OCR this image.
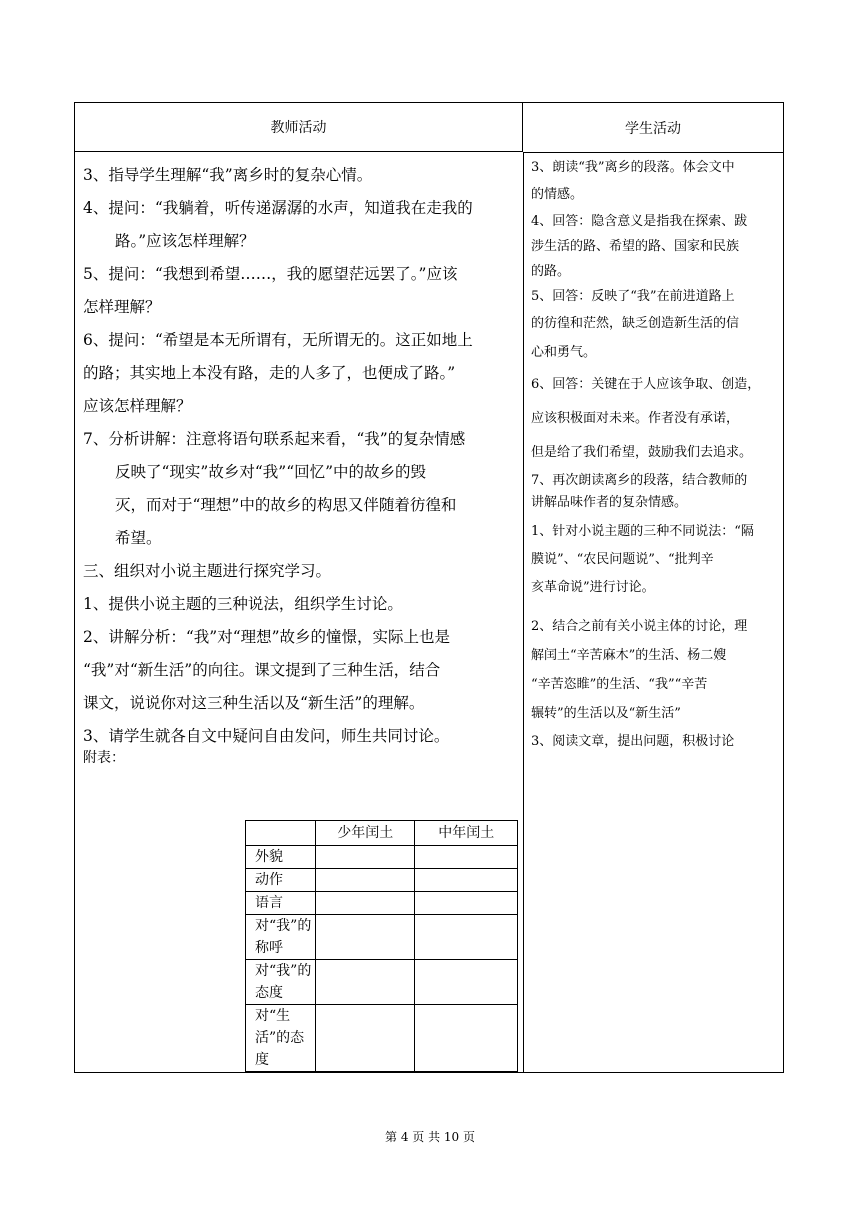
教师活动	学生活动

3、指导学生理解“我”离乡时的复杂心情。

4、提问：“我躺着，听传递潺潺的水声，知道我在走我的

路。”应该怎样理解？

5、提问：“我想到希望……，我的愿望茫远罢了。”应该

怎样理解？

6、提问：“希望是本无所谓有，无所谓无的。这正如地上

的路；其实地上本没有路，走的人多了，也便成了路。”

应该怎样理解？

7、分析讲解：注意将语句联系起来看，“我”的复杂情感

反映了“现实”故乡对“我”“回忆”中的故乡的毁

灭，而对于“理想”中的故乡的构思又伴随着彷徨和

希望。

三、组织对小说主题进行探究学习。

1、提供小说主题的三种说法，组织学生讨论。

2、讲解分析：“我”对“理想”故乡的憧憬，实际上也是

“我”对“新生活”的向往。课文提到了三种生活，结合

课文，说说你对这三种生活以及“新生活”的理解。

3、请学生就各自文中疑问自由发问，师生共同讨论。

附表：

3、朗读“我”离乡的段落。体会文中

的情感。

4、回答：隐含意义是指我在探索、跋

涉生活的路、希望的路、国家和民族

的路。

5、回答：反映了“我”在前进道路上

的彷徨和茫然，缺乏创造新生活的信

心和勇气。

6、回答：关键在于人应该争取、创造，

应该积极面对未来。作者没有承诺，

但是给了我们希望，鼓励我们去追求。

7、再次朗读离乡的段落，结合教师的

讲解品味作者的复杂情感。

1、针对小说主题的三种不同说法：“隔

膜说”、“农民问题说”、“批判辛

亥革命说”进行讨论。

2、结合之前有关小说主体的讨论，理

解闰土“辛苦麻木”的生活、杨二嫂

“辛苦恣睢”的生活、“我”“辛苦

辗转”的生活以及“新生活”

3、阅读文章，提出问题，积极讨论

	少年闰土	中年闰土
外貌		
动作		
语言		
对“我”的称呼		
对“我”的态度		
对“生活”的态度		
第 4 页 共 10 页
